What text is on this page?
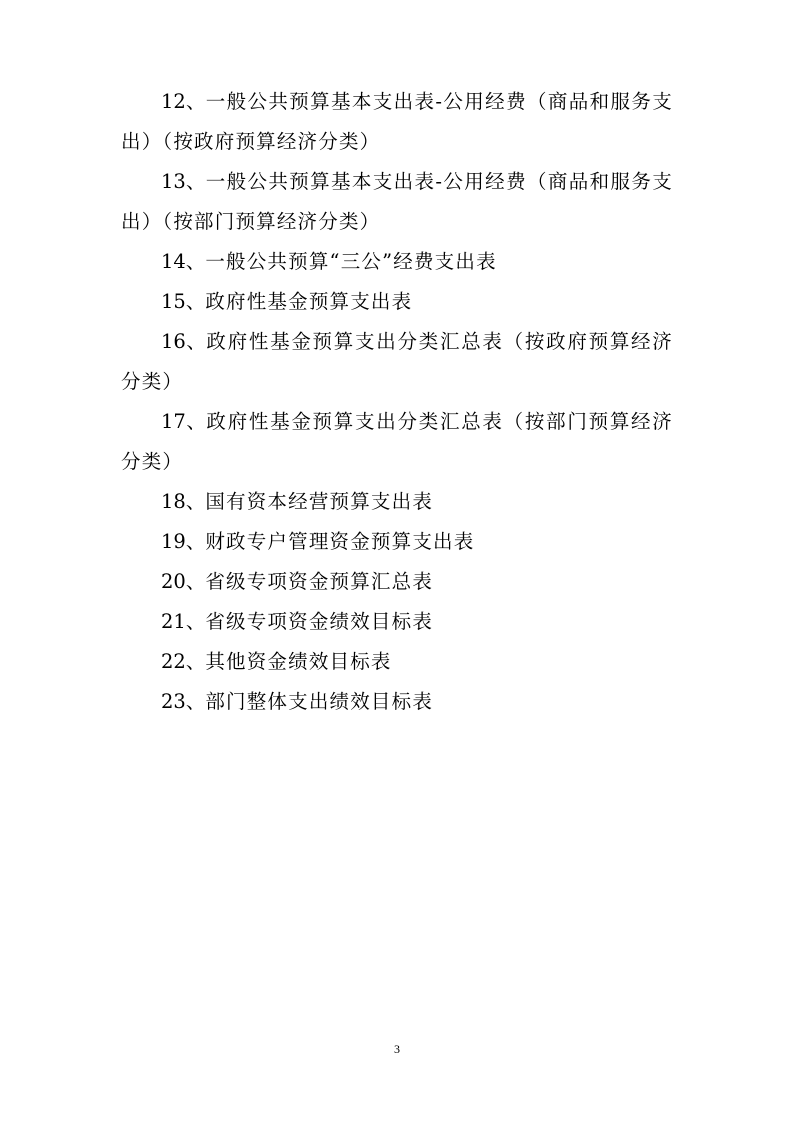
12、一般公共预算基本支出表-公用经费（商品和服务支出）（按政府预算经济分类）

13、一般公共预算基本支出表-公用经费（商品和服务支出）（按部门预算经济分类）

14、一般公共预算“三公”经费支出表

15、政府性基金预算支出表

16、政府性基金预算支出分类汇总表（按政府预算经济分类）

17、政府性基金预算支出分类汇总表（按部门预算经济分类）

18、国有资本经营预算支出表

19、财政专户管理资金预算支出表

20、省级专项资金预算汇总表

21、省级专项资金绩效目标表

22、其他资金绩效目标表

23、部门整体支出绩效目标表

3
